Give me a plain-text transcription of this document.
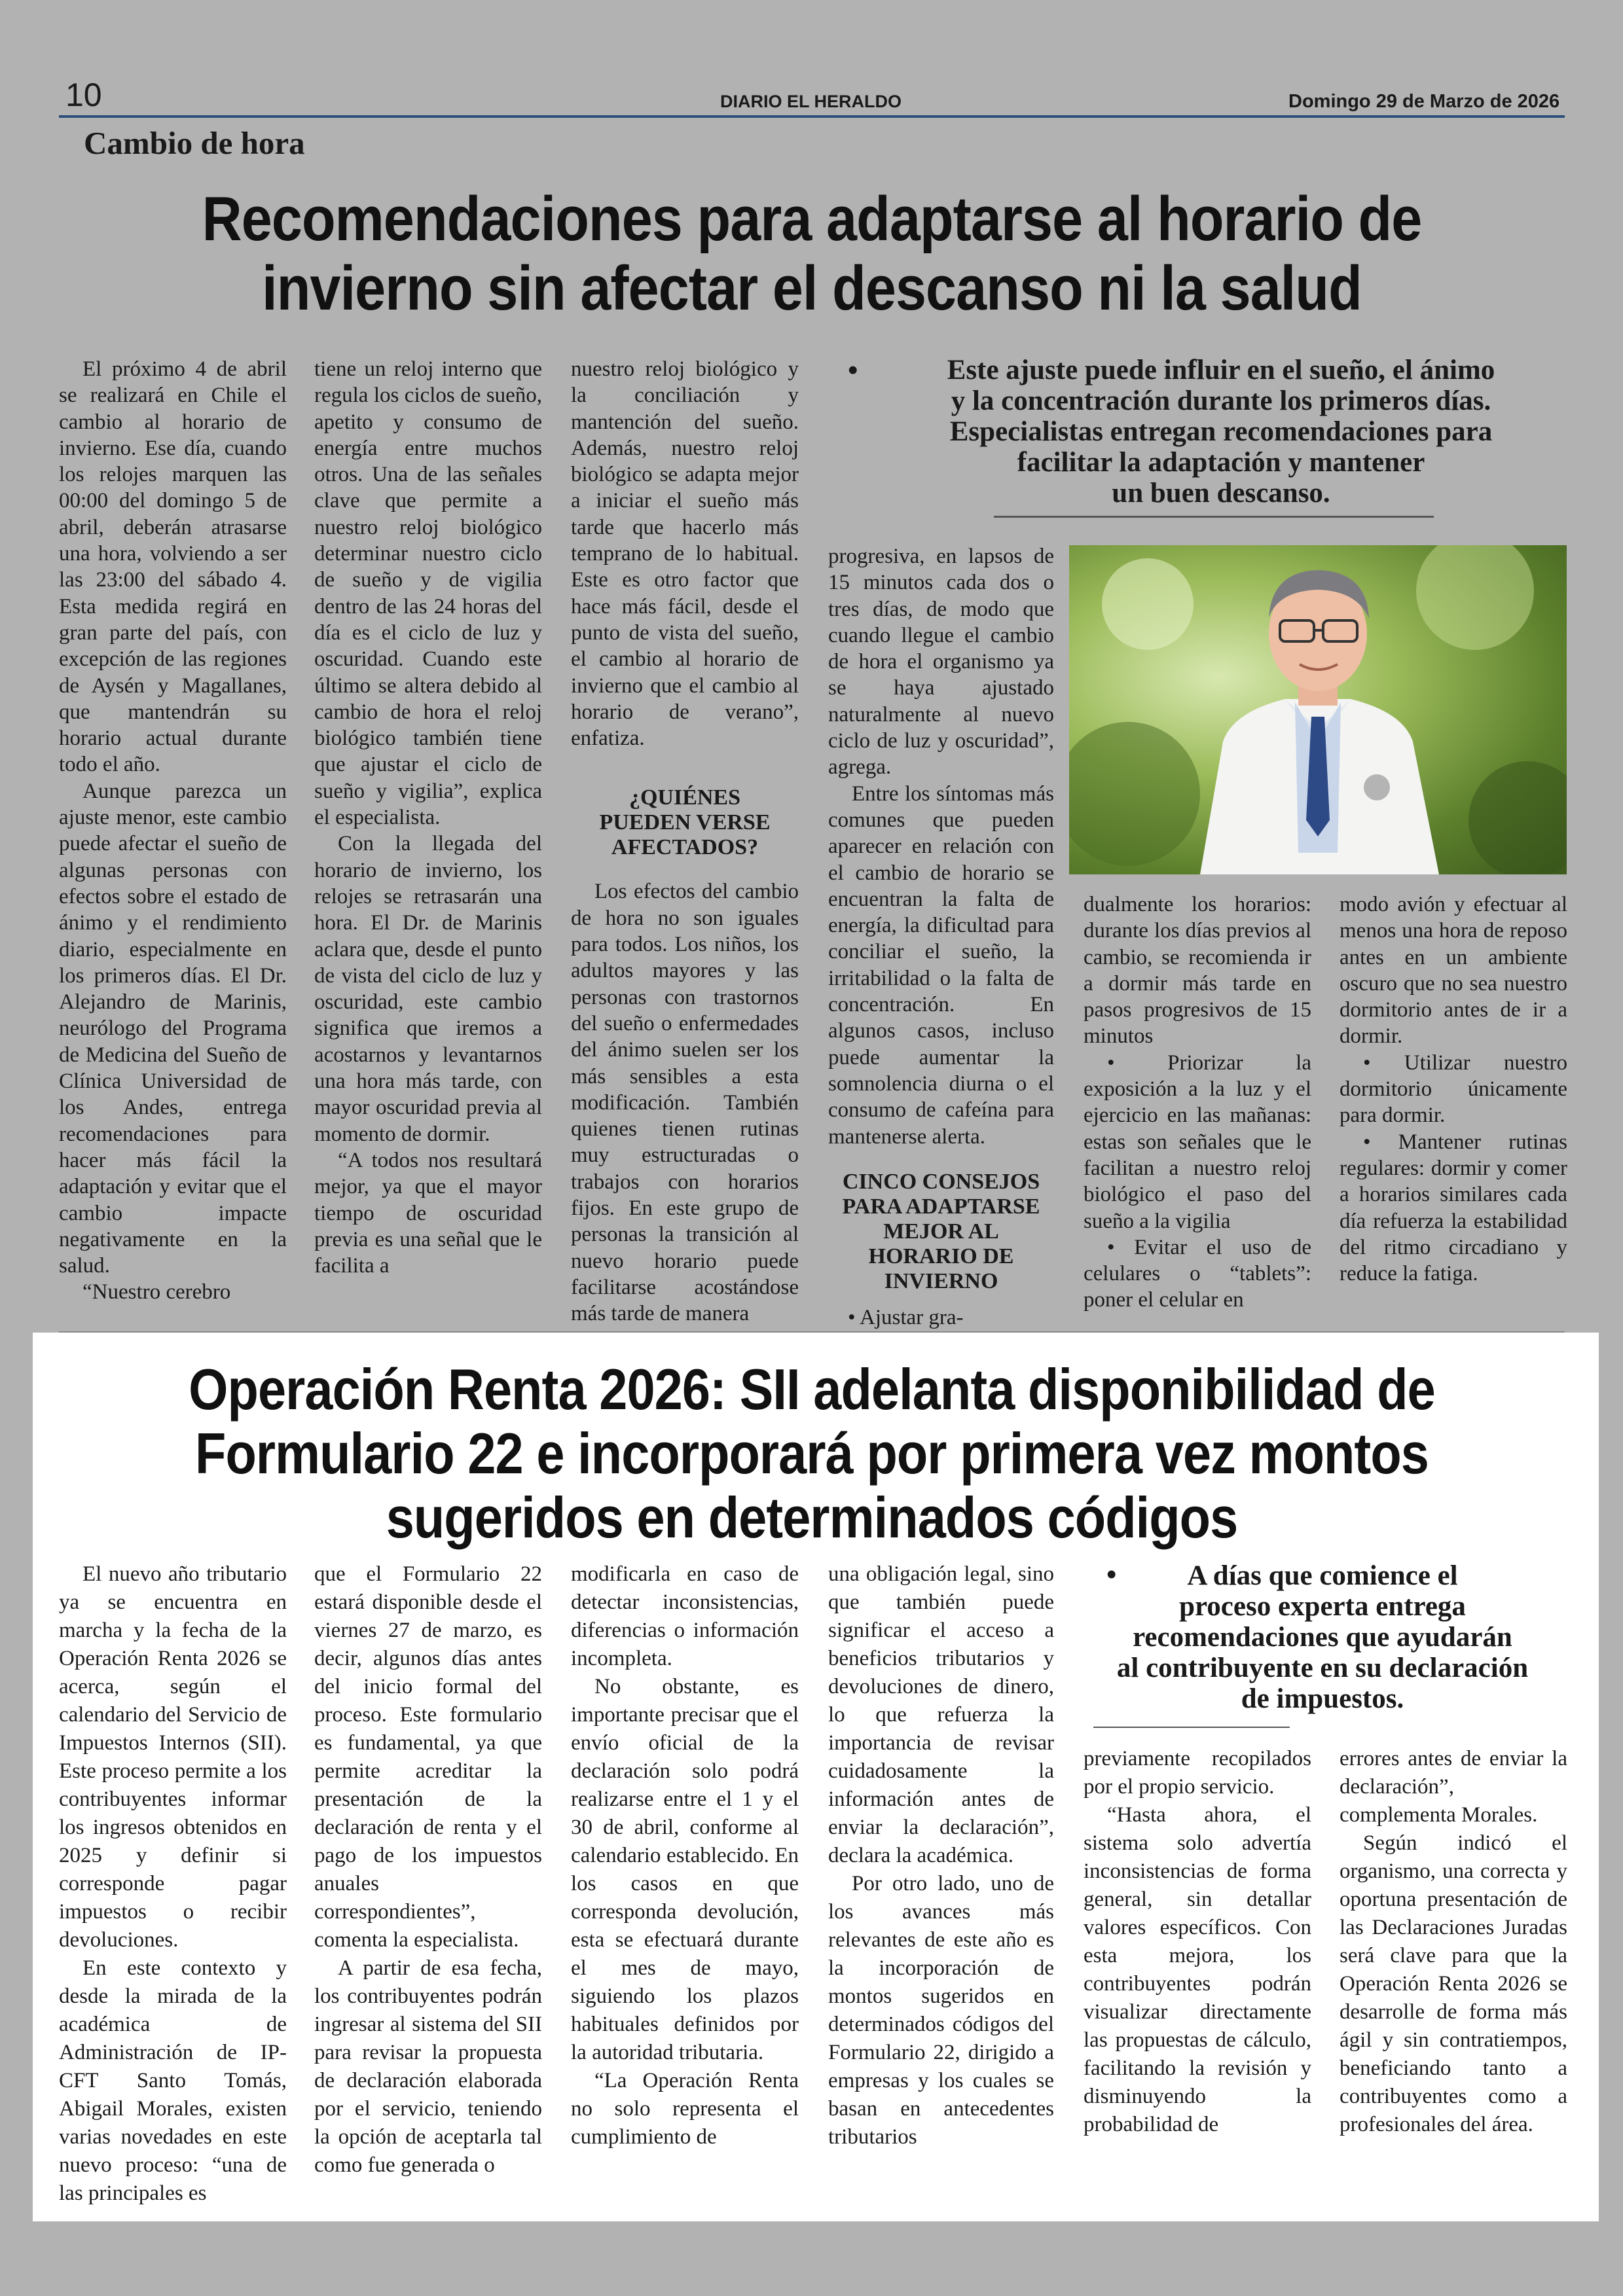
10	DIARIO EL HERALDO	Domingo 29 de Marzo de 2026
Cambio de hora
Recomendaciones para adaptarse al horario de
invierno sin afectar el descanso ni la salud

El próximo 4 de abril se realizará en Chile el cambio al horario de invierno. Ese día, cuando los relojes marquen las 00:00 del domingo 5 de abril, deberán atrasarse una hora, volviendo a ser las 23:00 del sábado 4. Esta medida regirá en gran parte del país, con excepción de las regiones de Aysén y Magallanes, que mantendrán su horario actual durante todo el año.

Aunque parezca un ajuste menor, este cambio puede afectar el sueño de algunas personas con efectos sobre el estado de ánimo y el rendimiento diario, especialmente en los primeros días. El Dr. Alejandro de Marinis, neurólogo del Programa de Medicina del Sueño de Clínica Universidad de los Andes, entrega recomendaciones para hacer más fácil la adaptación y evitar que el cambio impacte negativamente en la salud.

“Nuestro cerebro

tiene un reloj interno que regula los ciclos de sueño, apetito y consumo de energía entre muchos otros. Una de las señales clave que permite a nuestro reloj biológico determinar nuestro ciclo de sueño y de vigilia dentro de las 24 horas del día es el ciclo de luz y oscuridad. Cuando este último se altera debido al cambio de hora el reloj biológico también tiene que ajustar el ciclo de sueño y vigilia”, explica el especialista.

Con la llegada del horario de invierno, los relojes se retrasarán una hora. El Dr. de Marinis aclara que, desde el punto de vista del ciclo de luz y oscuridad, este cambio significa que iremos a acostarnos y levantarnos una hora más tarde, con mayor oscuridad previa al momento de dormir.

“A todos nos resultará mejor, ya que el mayor tiempo de oscuridad previa es una señal que le facilita a

nuestro reloj biológico y la conciliación y mantención del sueño. Además, nuestro reloj biológico se adapta mejor a iniciar el sueño más tarde que hacerlo más temprano de lo habitual. Este es otro factor que hace más fácil, desde el punto de vista del sueño, el cambio al horario de invierno que el cambio al horario de verano”, enfatiza.

¿QUIÉNES PUEDEN VERSE AFECTADOS?

Los efectos del cambio de hora no son iguales para todos. Los niños, los adultos mayores y las personas con trastornos del sueño o enfermedades del ánimo suelen ser los más sensibles a esta modificación. También quienes tienen rutinas muy estructuradas o trabajos con horarios fijos. En este grupo de personas la transición al nuevo horario puede facilitarse acostándose más tarde de manera

•	Este ajuste puede influir en el sueño, el ánimo
y la concentración durante los primeros días.
Especialistas entregan recomendaciones para
facilitar la adaptación y mantener
un buen descanso.

progresiva, en lapsos de 15 minutos cada dos o tres días, de modo que cuando llegue el cambio de hora el organismo ya se haya ajustado naturalmente al nuevo ciclo de luz y oscuridad”, agrega.

Entre los síntomas más comunes que pueden aparecer en relación con el cambio de horario se encuentran la falta de energía, la dificultad para conciliar el sueño, la irritabilidad o la falta de concentración. En algunos casos, incluso puede aumentar la somnolencia diurna o el consumo de cafeína para mantenerse alerta.

CINCO CONSEJOS PARA ADAPTARSE MEJOR AL HORARIO DE INVIERNO

• Ajustar gra-

dualmente los horarios: durante los días previos al cambio, se recomienda ir a dormir más tarde en pasos progresivos de 15 minutos

• Priorizar la exposición a la luz y el ejercicio en las mañanas: estas son señales que le facilitan a nuestro reloj biológico el paso del sueño a la vigilia

• Evitar el uso de celulares o “tablets”: poner el celular en

modo avión y efectuar al menos una hora de reposo antes en un ambiente oscuro que no sea nuestro dormitorio antes de ir a dormir.

• Utilizar nuestro dormitorio únicamente para dormir.

• Mantener rutinas regulares: dormir y comer a horarios similares cada día refuerza la estabilidad del ritmo circadiano y reduce la fatiga.

Operación Renta 2026: SII adelanta disponibilidad de
Formulario 22 e incorporará por primera vez montos
sugeridos en determinados códigos

El nuevo año tributario ya se encuentra en marcha y la fecha de la Operación Renta 2026 se acerca, según el calendario del Servicio de Impuestos Internos (SII). Este proceso permite a los contribuyentes informar los ingresos obtenidos en 2025 y definir si corresponde pagar impuestos o recibir devoluciones.

En este contexto y desde la mirada de la académica de Administración de IP-CFT Santo Tomás, Abigail Morales, existen varias novedades en este nuevo proceso: “una de las principales es

que el Formulario 22 estará disponible desde el viernes 27 de marzo, es decir, algunos días antes del inicio formal del proceso. Este formulario es fundamental, ya que permite acreditar la presentación de la declaración de renta y el pago de los impuestos anuales correspondientes”, comenta la especialista.

A partir de esa fecha, los contribuyentes podrán ingresar al sistema del SII para revisar la propuesta de declaración elaborada por el servicio, teniendo la opción de aceptarla tal como fue generada o

modificarla en caso de detectar inconsistencias, diferencias o información incompleta.

No obstante, es importante precisar que el envío oficial de la declaración solo podrá realizarse entre el 1 y el 30 de abril, conforme al calendario establecido. En los casos en que corresponda devolución, esta se efectuará durante el mes de mayo, siguiendo los plazos habituales definidos por la autoridad tributaria.

“La Operación Renta no solo representa el cumplimiento de

una obligación legal, sino que también puede significar el acceso a beneficios tributarios y devoluciones de dinero, lo que refuerza la importancia de revisar cuidadosamente la información antes de enviar la declaración”, declara la académica.

Por otro lado, uno de los avances más relevantes de este año es la incorporación de montos sugeridos en determinados códigos del Formulario 22, dirigido a empresas y los cuales se basan en antecedentes tributarios

•	A días que comience el
proceso experta entrega
recomendaciones que ayudarán
al contribuyente en su declaración
de impuestos.

previamente recopilados por el propio servicio.

“Hasta ahora, el sistema solo advertía inconsistencias de forma general, sin detallar valores específicos. Con esta mejora, los contribuyentes podrán visualizar directamente las propuestas de cálculo, facilitando la revisión y disminuyendo la probabilidad de

errores antes de enviar la declaración”, complementa Morales.

Según indicó el organismo, una correcta y oportuna presentación de las Declaraciones Juradas será clave para que la Operación Renta 2026 se desarrolle de forma más ágil y sin contratiempos, beneficiando tanto a contribuyentes como a profesionales del área.
